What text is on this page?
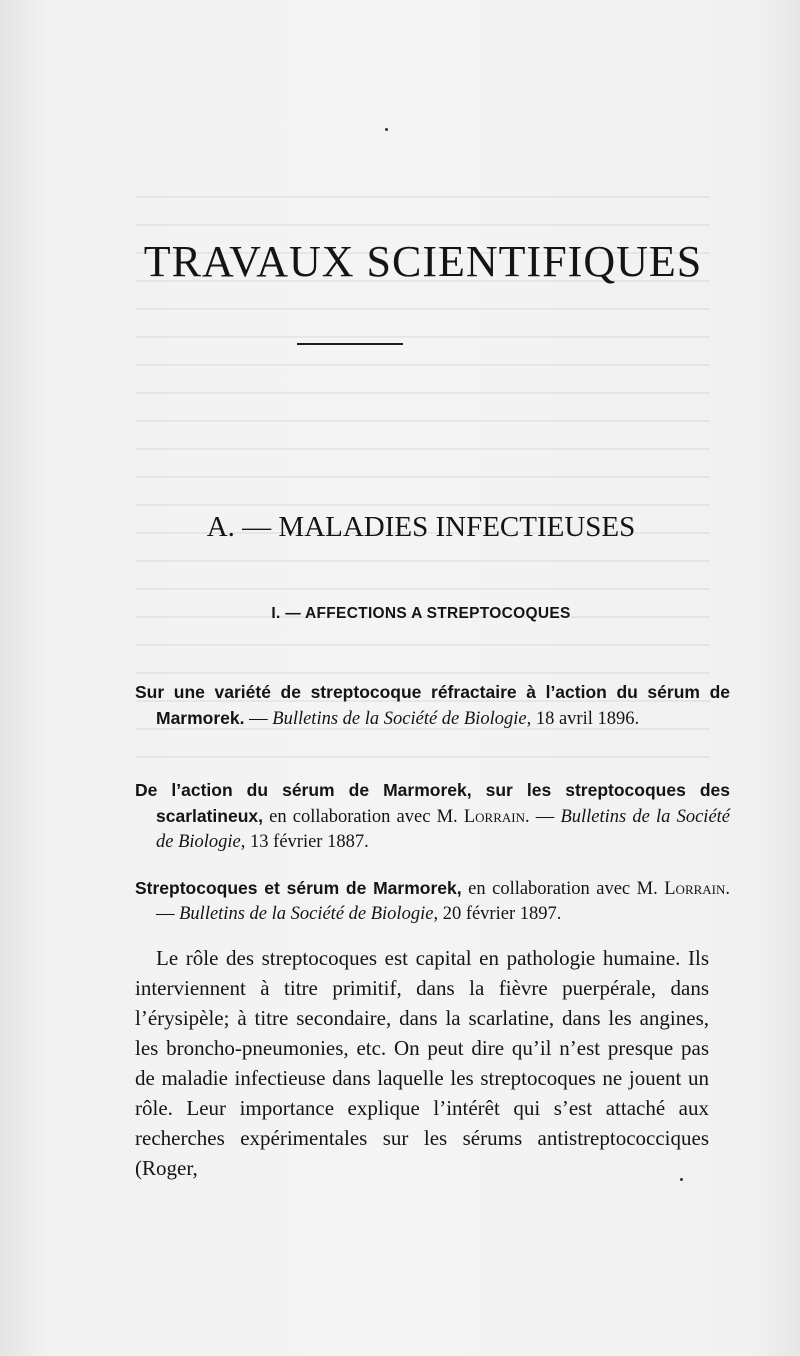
TRAVAUX SCIENTIFIQUES
A. — MALADIES INFECTIEUSES
I. — AFFECTIONS A STREPTOCOQUES
Sur une variété de streptocoque réfractaire à l’action du sérum de Marmorek. — Bulletins de la Société de Biologie, 18 avril 1896.
De l’action du sérum de Marmorek, sur les streptocoques des scarlatineux, en collaboration avec M. Lorrain. — Bulletins de la Société de Biologie, 13 février 1887.
Streptocoques et sérum de Marmorek, en collaboration avec M. Lorrain. — Bulletins de la Société de Biologie, 20 février 1897.

Le rôle des streptocoques est capital en pathologie humaine. Ils interviennent à titre primitif, dans la fièvre puerpérale, dans l’érysipèle; à titre secondaire, dans la scarlatine, dans les angines, les broncho-pneumonies, etc. On peut dire qu’il n’est presque pas de maladie infectieuse dans laquelle les streptocoques ne jouent un rôle. Leur importance explique l’intérêt qui s’est attaché aux recherches expérimentales sur les sérums antistreptococciques (Roger,
